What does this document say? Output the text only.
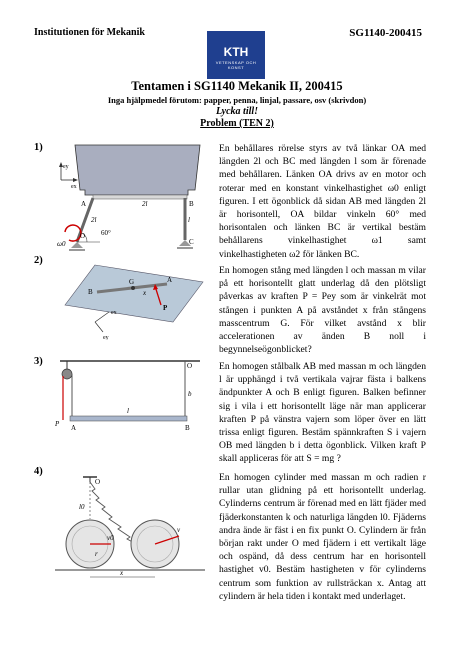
Institutionen för Mekanik	SG1140-200415
KTH
VETENSKAP OCH KONST
Tentamen i SG1140 Mekanik II, 200415
Inga hjälpmedel förutom: papper, penna, linjal, passare, osv (skrivdon)
Lycka till!
Problem (TEN 2)
1)
ey
ex
A	B
C
O
2l
l
2l
60°
ω0
En behållares rörelse styrs av två länkar OA med längden 2l och BC med längden l som är förenade med behållaren. Länken OA drivs av en motor och roterar med en konstant vinkelhastighet ω0 enligt figuren. I ett ögonblick då sidan AB med längden 2l är horisontell, OA bildar vinkeln 60° med horisontalen och länken BC är vertikal bestäm behållarens vinkelhastighet ω1 samt vinkelhastigheten ω2 för länken BC.
2)
B
G
x
A
P
ex
ey
En homogen stång med längden l och massan m vilar på ett horisontellt glatt underlag då den plötsligt påverkas av kraften P = Pey som är vinkelrät mot stången i punkten A på avståndet x från stångens masscentrum G. För vilket avstånd x blir accelerationen av änden B noll i begynnelseögonblicket?
3)	O
b
P A
l
B
En homogen stålbalk AB med massan m och längden l är upphängd i två vertikala vajrar fästa i balkens ändpunkter A och B enligt figuren. Balken befinner sig i vila i ett horisontellt läge när man applicerar kraften P på vänstra vajern som löper över en lätt trissa enligt figuren. Bestäm spännkraften S i vajern OB med längden b i detta ögonblick. Vilken kraft P skall appliceras för att S = mg ?
4)
O
l0
x
r
v0
v
En homogen cylinder med massan m och radien r rullar utan glidning på ett horisontellt underlag. Cylinderns centrum är förenad med en lätt fjäder med fjäderkonstanten k och naturliga längden l0. Fjäderns andra ände är fäst i en fix punkt O. Cylindern är från början rakt under O med fjädern i ett vertikalt läge och ospänd, då dess centrum har en horisontell hastighet v0. Bestäm hastigheten v för cylinderns centrum som funktion av rullsträckan x. Antag att cylindern är hela tiden i kontakt med underlaget.
